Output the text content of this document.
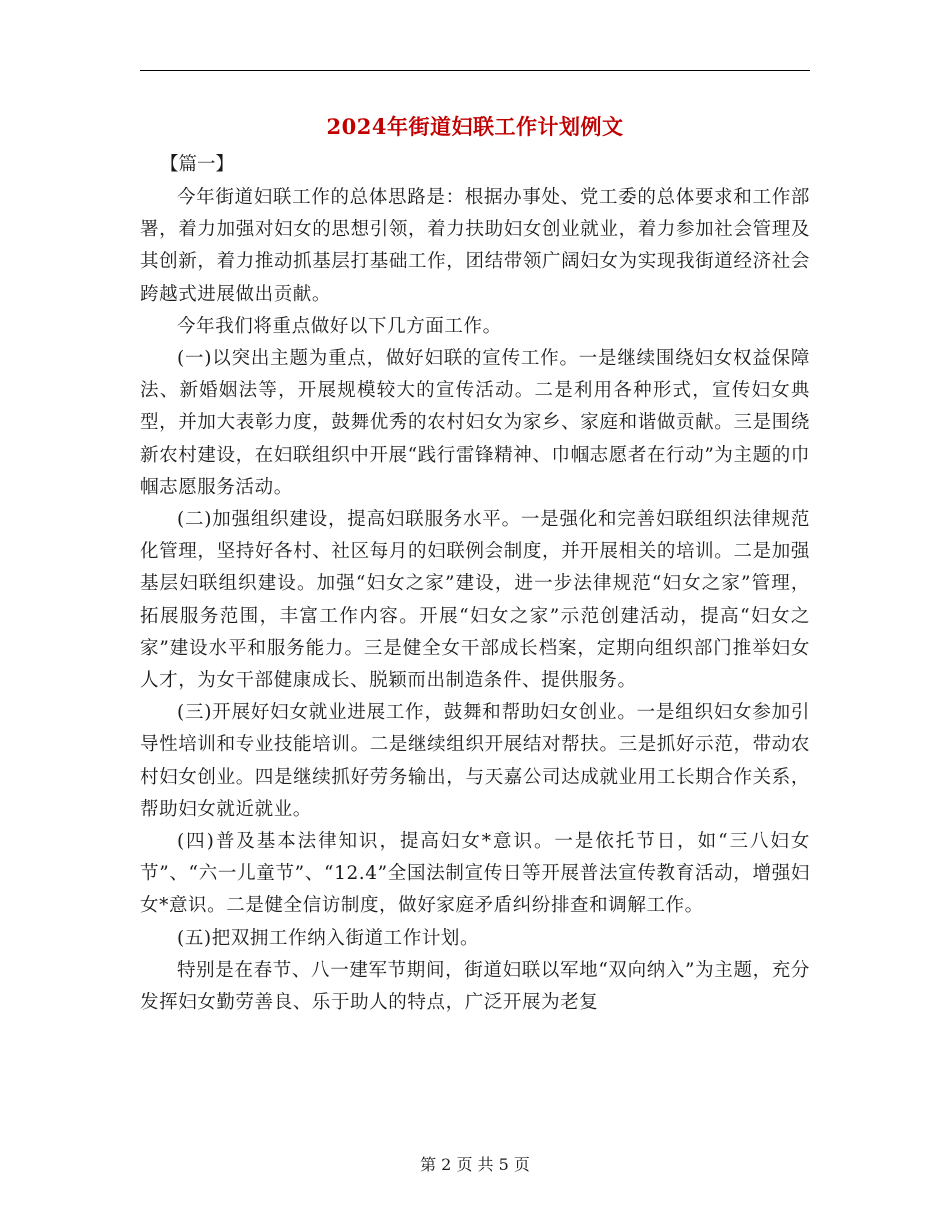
2024年街道妇联工作计划例文

【篇一】

今年街道妇联工作的总体思路是：根据办事处、党工委的总体要求和工作部署，着力加强对妇女的思想引领，着力扶助妇女创业就业，着力参加社会管理及其创新，着力推动抓基层打基础工作，团结带领广阔妇女为实现我街道经济社会跨越式进展做出贡献。

今年我们将重点做好以下几方面工作。

(一)以突出主题为重点，做好妇联的宣传工作。一是继续围绕妇女权益保障法、新婚姻法等，开展规模较大的宣传活动。二是利用各种形式，宣传妇女典型，并加大表彰力度，鼓舞优秀的农村妇女为家乡、家庭和谐做贡献。三是围绕新农村建设，在妇联组织中开展“践行雷锋精神、巾帼志愿者在行动”为主题的巾帼志愿服务活动。

(二)加强组织建设，提高妇联服务水平。一是强化和完善妇联组织法律规范化管理，坚持好各村、社区每月的妇联例会制度，并开展相关的培训。二是加强基层妇联组织建设。加强“妇女之家”建设，进一步法律规范“妇女之家”管理，拓展服务范围，丰富工作内容。开展“妇女之家”示范创建活动，提高“妇女之家”建设水平和服务能力。三是健全女干部成长档案，定期向组织部门推举妇女人才，为女干部健康成长、脱颖而出制造条件、提供服务。

(三)开展好妇女就业进展工作，鼓舞和帮助妇女创业。一是组织妇女参加引导性培训和专业技能培训。二是继续组织开展结对帮扶。三是抓好示范，带动农村妇女创业。四是继续抓好劳务输出，与天嘉公司达成就业用工长期合作关系，帮助妇女就近就业。

(四)普及基本法律知识，提高妇女*意识。一是依托节日，如“三八妇女节”、“六一儿童节”、“12.4”全国法制宣传日等开展普法宣传教育活动，增强妇女*意识。二是健全信访制度，做好家庭矛盾纠纷排查和调解工作。

(五)把双拥工作纳入街道工作计划。

特别是在春节、八一建军节期间，街道妇联以军地“双向纳入”为主题，充分发挥妇女勤劳善良、乐于助人的特点，广泛开展为老复

第 2 页 共 5 页
